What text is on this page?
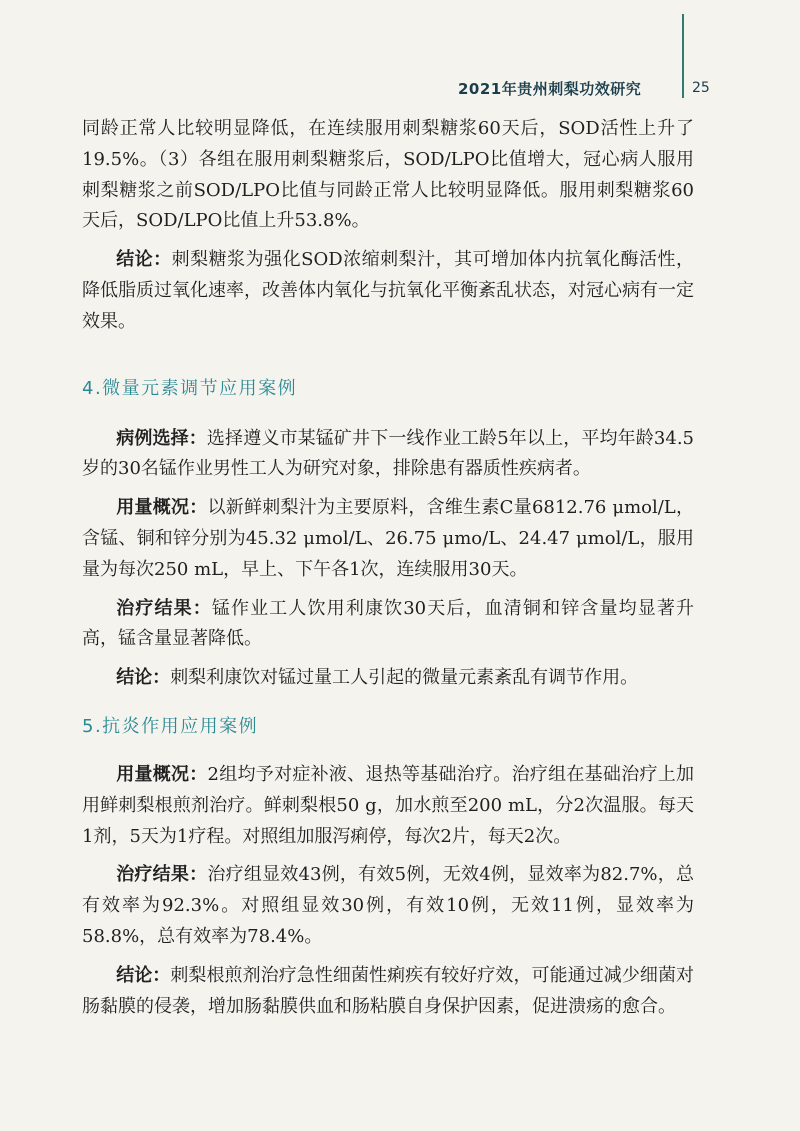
2021年贵州刺梨功效研究	25

同龄正常人比较明显降低，在连续服用刺梨糖浆60天后，SOD活性上升了19.5%。（3）各组在服用刺梨糖浆后，SOD/LPO比值增大，冠心病人服用刺梨糖浆之前SOD/LPO比值与同龄正常人比较明显降低。服用刺梨糖浆60天后，SOD/LPO比值上升53.8%。

结论：刺梨糖浆为强化SOD浓缩刺梨汁，其可增加体内抗氧化酶活性，降低脂质过氧化速率，改善体内氧化与抗氧化平衡紊乱状态，对冠心病有一定效果。

4.微量元素调节应用案例

病例选择：选择遵义市某锰矿井下一线作业工龄5年以上，平均年龄34.5岁的30名锰作业男性工人为研究对象，排除患有器质性疾病者。

用量概况：以新鲜刺梨汁为主要原料，含维生素C量6812.76 μmol/L，含锰、铜和锌分别为45.32 μmol/L、26.75 μmo/L、24.47 μmol/L，服用量为每次250 mL，早上、下午各1次，连续服用30天。

治疗结果：锰作业工人饮用利康饮30天后，血清铜和锌含量均显著升高，锰含量显著降低。

结论：刺梨利康饮对锰过量工人引起的微量元素紊乱有调节作用。

5.抗炎作用应用案例

用量概况：2组均予对症补液、退热等基础治疗。治疗组在基础治疗上加用鲜刺梨根煎剂治疗。鲜刺梨根50 g，加水煎至200 mL，分2次温服。每天1剂，5天为1疗程。对照组加服泻痢停，每次2片，每天2次。

治疗结果：治疗组显效43例，有效5例，无效4例，显效率为82.7%，总有效率为92.3%。对照组显效30例，有效10例，无效11例，显效率为58.8%，总有效率为78.4%。

结论：刺梨根煎剂治疗急性细菌性痢疾有较好疗效，可能通过减少细菌对肠黏膜的侵袭，增加肠黏膜供血和肠粘膜自身保护因素，促进溃疡的愈合。
